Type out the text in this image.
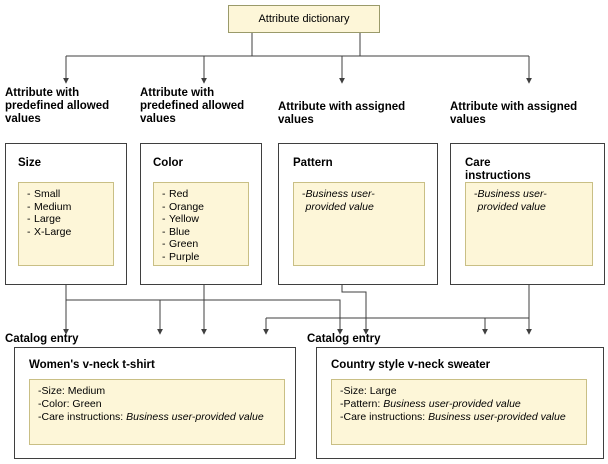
Attribute dictionary
Attribute with predefined allowed values
Size
- Small
- Medium
- Large
- X-Large
Attribute with predefined allowed values
Color
- Red
- Orange
- Yellow
- Blue
- Green
- Purple
Attribute with assigned values
Pattern
- Business user-provided value
Attribute with assigned values
Care instructions
- Business user-provided value
Catalog entry
Women's v-neck t-shirt
-Size: Medium
-Color: Green
-Care instructions: Business user-provided value
Catalog entry
Country style v-neck sweater
-Size: Large
-Pattern: Business user-provided value
-Care instructions: Business user-provided value
